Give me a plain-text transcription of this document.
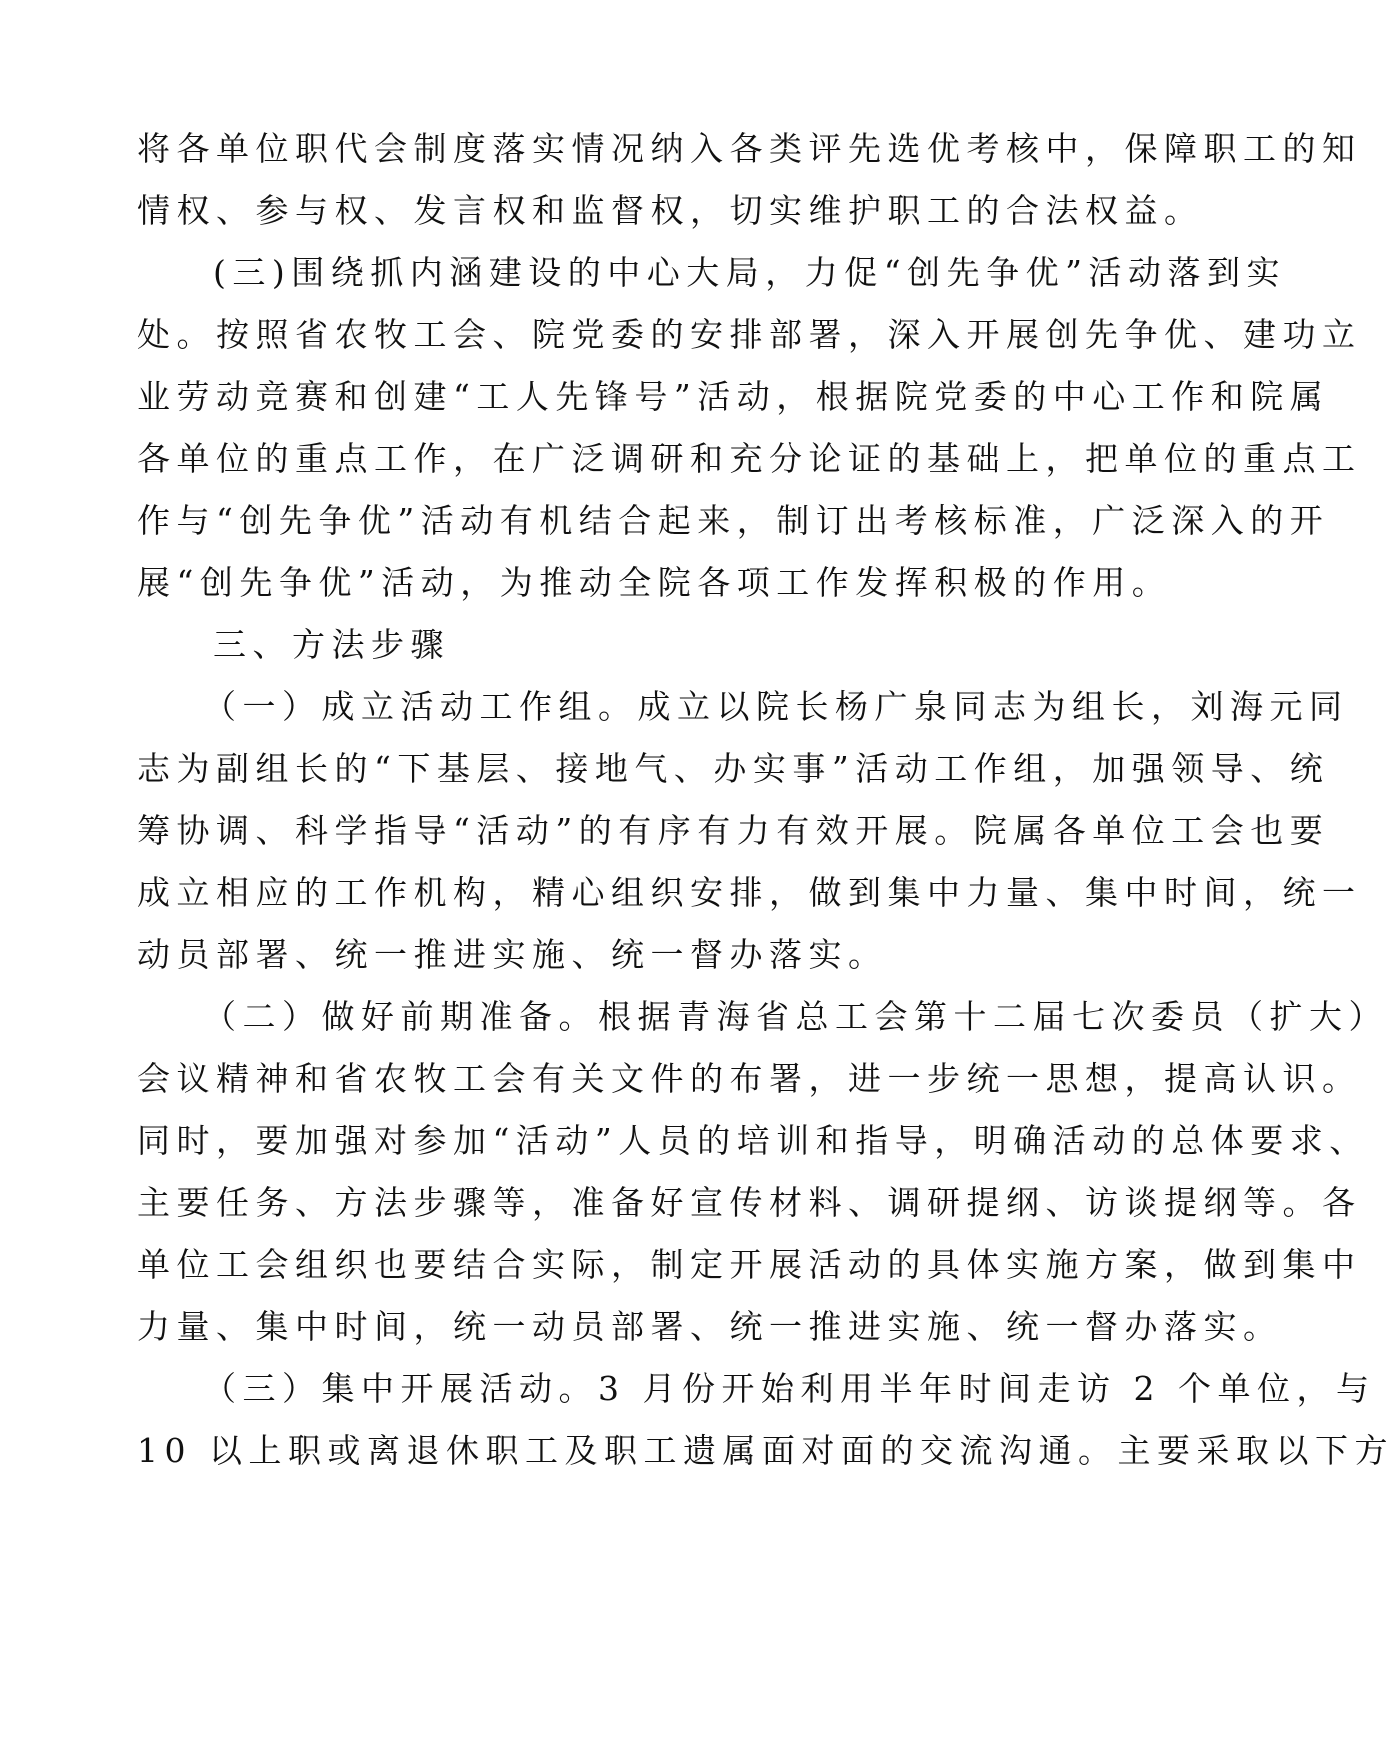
将各单位职代会制度落实情况纳入各类评先选优考核中，保障职工的知
情权、参与权、发言权和监督权，切实维护职工的合法权益。
(三)围绕抓内涵建设的中心大局，力促“创先争优”活动落到实
处。按照省农牧工会、院党委的安排部署，深入开展创先争优、建功立
业劳动竞赛和创建“工人先锋号”活动，根据院党委的中心工作和院属
各单位的重点工作，在广泛调研和充分论证的基础上，把单位的重点工
作与“创先争优”活动有机结合起来，制订出考核标准，广泛深入的开
展“创先争优”活动，为推动全院各项工作发挥积极的作用。
三、方法步骤
（一）成立活动工作组。成立以院长杨广泉同志为组长，刘海元同
志为副组长的“下基层、接地气、办实事”活动工作组，加强领导、统
筹协调、科学指导“活动”的有序有力有效开展。院属各单位工会也要
成立相应的工作机构，精心组织安排，做到集中力量、集中时间，统一
动员部署、统一推进实施、统一督办落实。
（二）做好前期准备。根据青海省总工会第十二届七次委员（扩大）
会议精神和省农牧工会有关文件的布署，进一步统一思想，提高认识。
同时，要加强对参加“活动”人员的培训和指导，明确活动的总体要求、
主要任务、方法步骤等，准备好宣传材料、调研提纲、访谈提纲等。各
单位工会组织也要结合实际，制定开展活动的具体实施方案，做到集中
力量、集中时间，统一动员部署、统一推进实施、统一督办落实。
（三）集中开展活动。3 月份开始利用半年时间走访 2 个单位，与
10 以上职或离退休职工及职工遗属面对面的交流沟通。主要采取以下方
